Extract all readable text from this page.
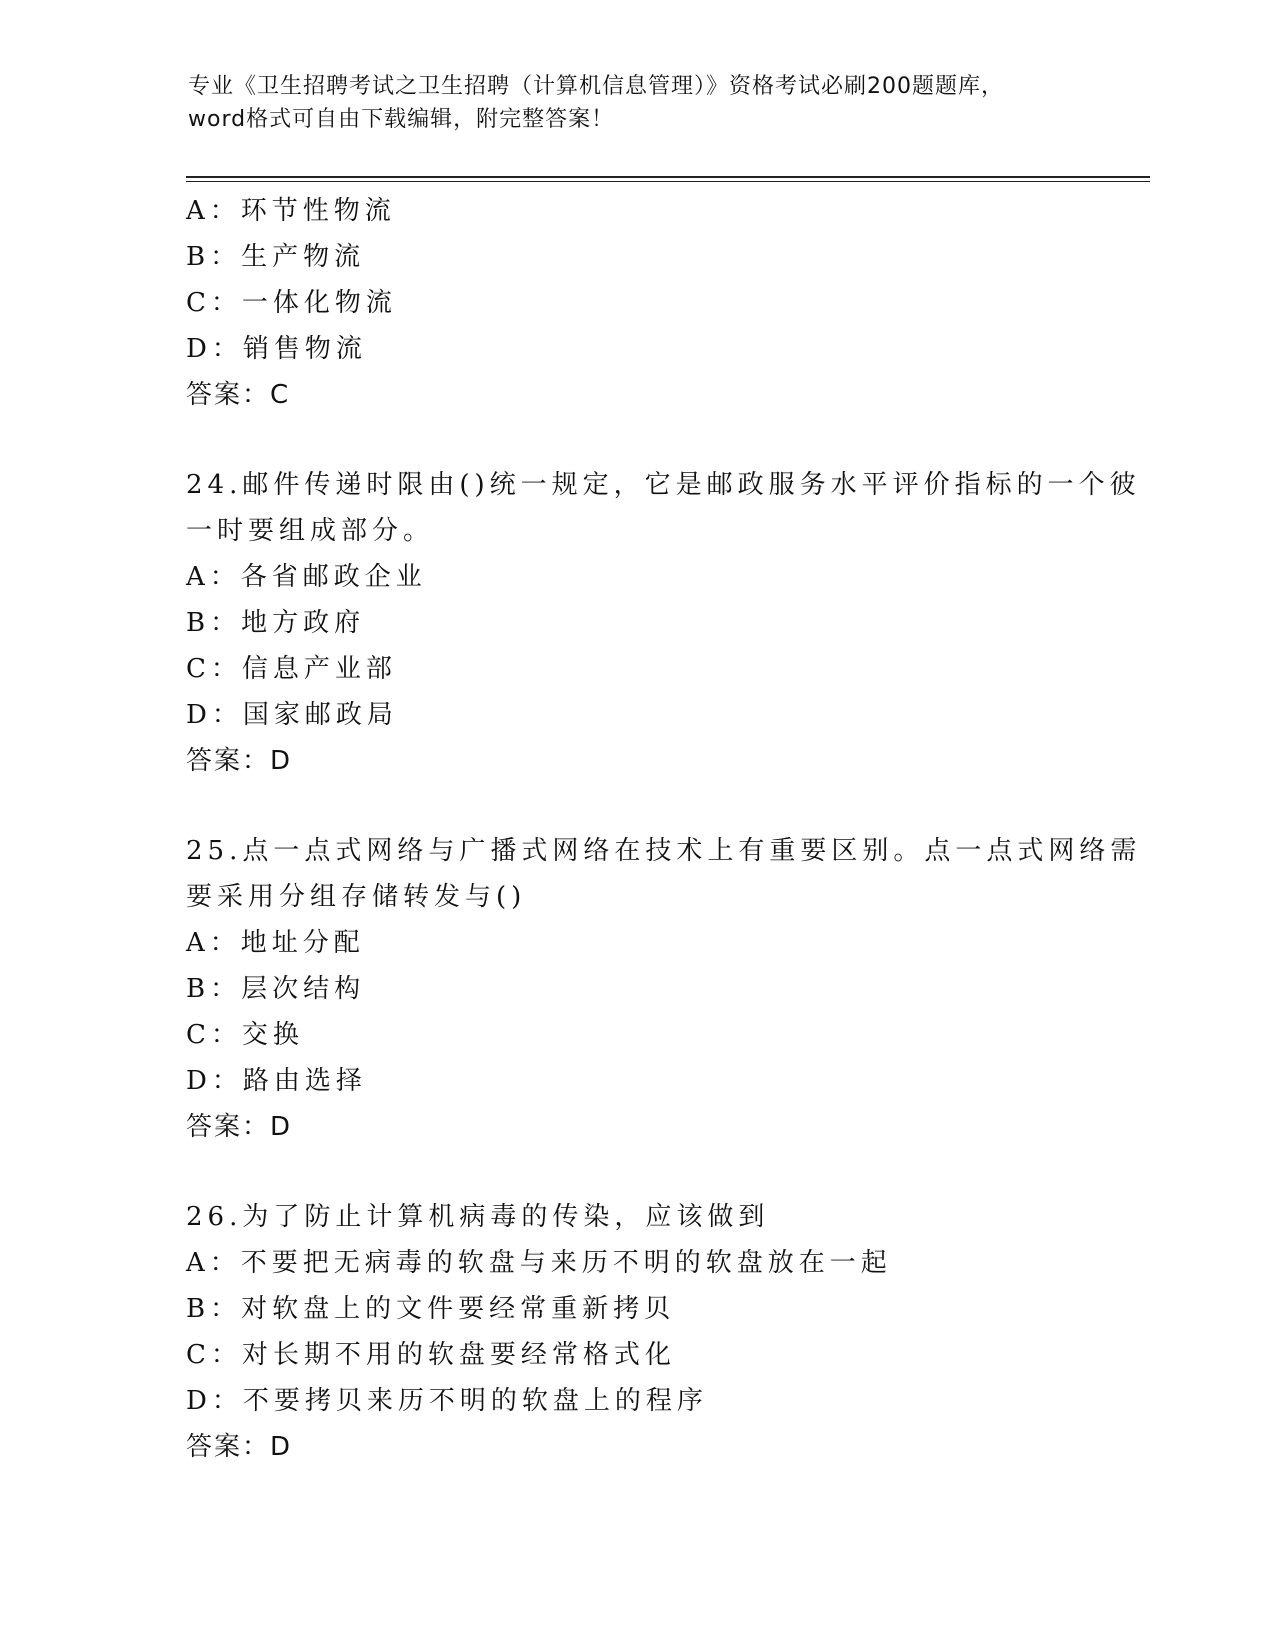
专业《卫生招聘考试之卫生招聘（计算机信息管理）》资格考试必刷200题题库，
word格式可自由下载编辑，附完整答案！
A：环节性物流
B：生产物流
C：一体化物流
D：销售物流
答案：C
24.邮件传递时限由()统一规定，它是邮政服务水平评价指标的一个彼
一时要组成部分。
A：各省邮政企业
B：地方政府
C：信息产业部
D：国家邮政局
答案：D
25.点一点式网络与广播式网络在技术上有重要区别。点一点式网络需
要采用分组存储转发与()
A：地址分配
B：层次结构
C：交换
D：路由选择
答案：D
26.为了防止计算机病毒的传染，应该做到
A：不要把无病毒的软盘与来历不明的软盘放在一起
B：对软盘上的文件要经常重新拷贝
C：对长期不用的软盘要经常格式化
D：不要拷贝来历不明的软盘上的程序
答案：D
